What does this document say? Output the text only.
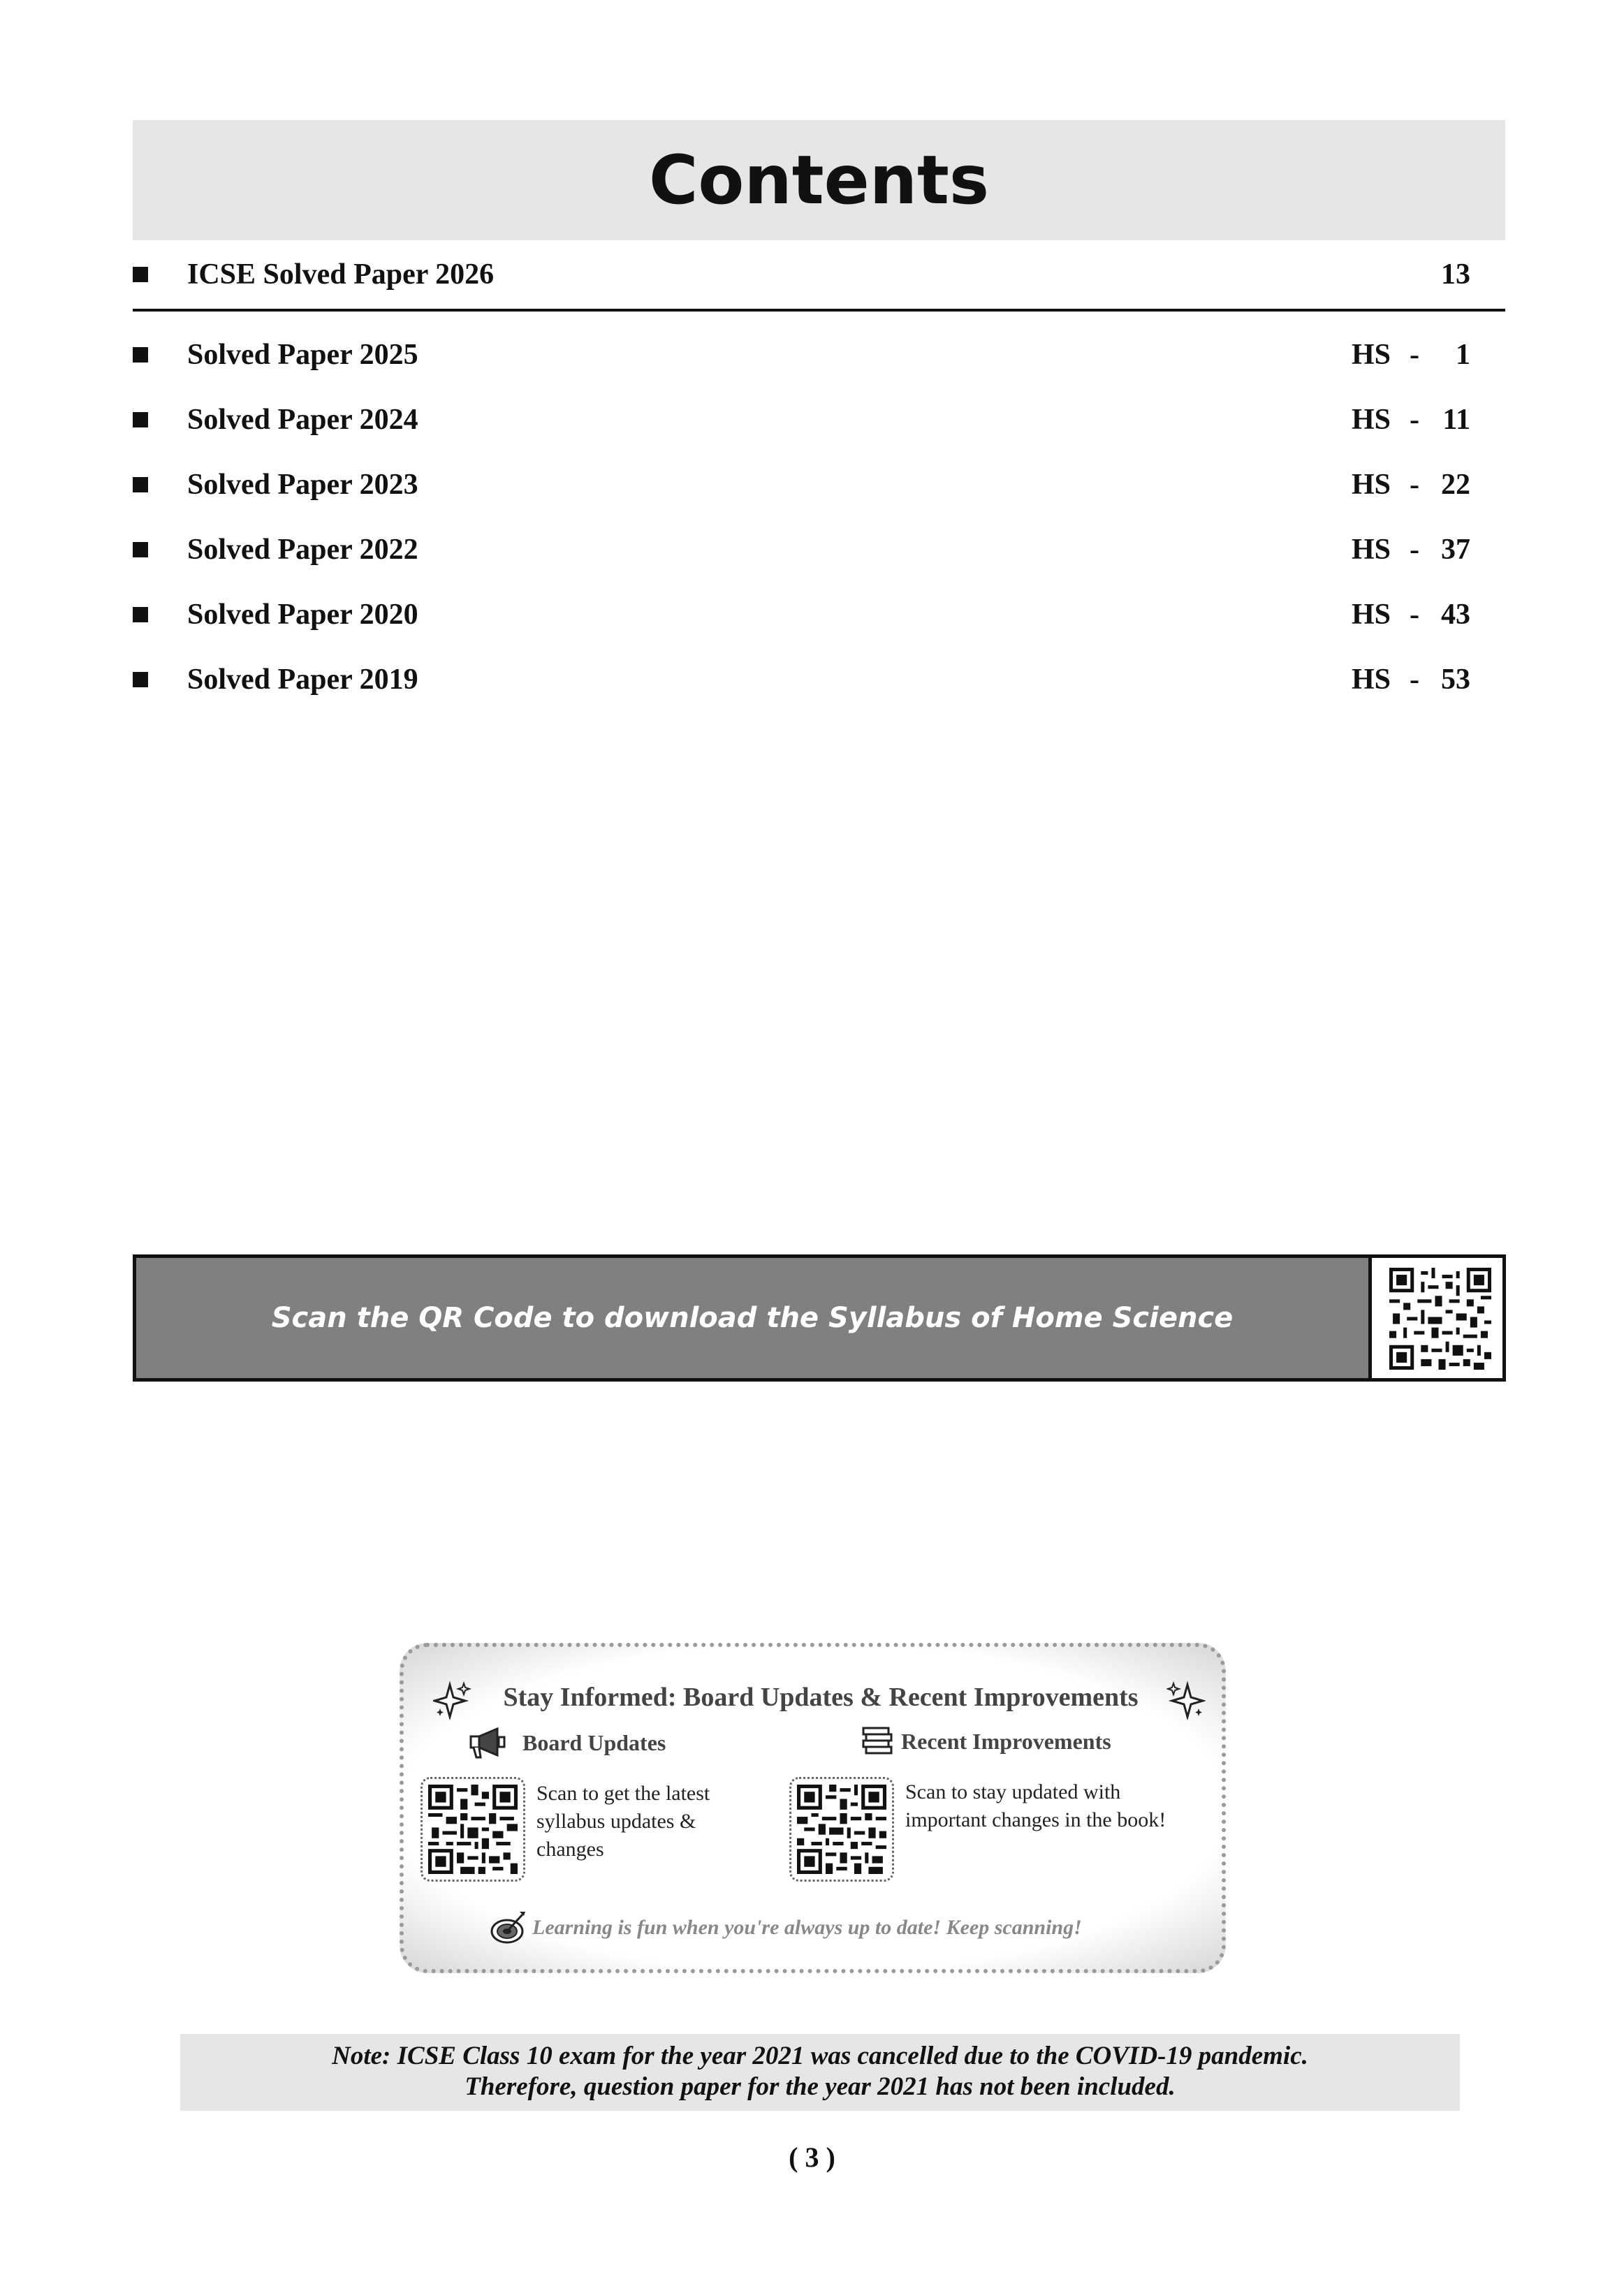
Contents
ICSE Solved Paper 2026	13
Solved Paper 2025	HS -	1
Solved Paper 2024	HS - 11
Solved Paper 2023	HS - 22
Solved Paper 2022	HS - 37
Solved Paper 2020	HS - 43
Solved Paper 2019	HS - 53
Scan the QR Code to download the Syllabus of Home Science
Stay Informed: Board Updates & Recent Improvements
Board Updates
Scan to get the latest syllabus updates & changes
Recent Improvements
Scan to stay updated with important changes in the book!
Learning is fun when you're always up to date! Keep scanning!
Note: ICSE Class 10 exam for the year 2021 was cancelled due to the COVID-19 pandemic.
Therefore, question paper for the year 2021 has not been included.
( 3 )
